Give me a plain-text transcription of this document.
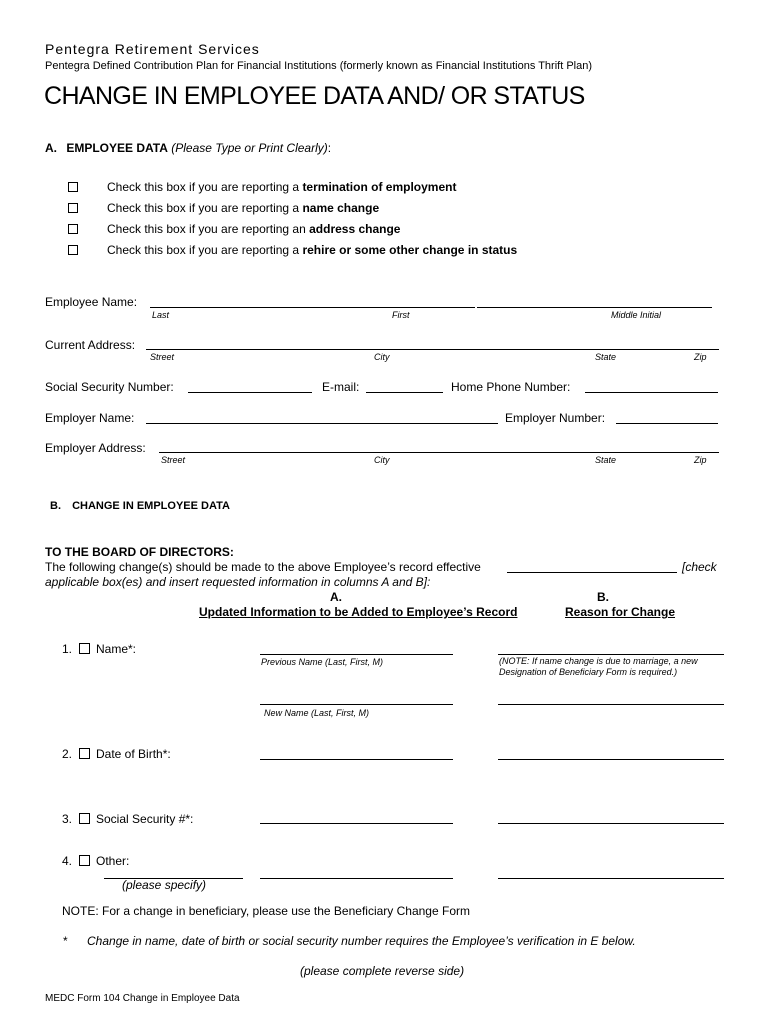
Pentegra Retirement Services
Pentegra Defined Contribution Plan for Financial Institutions (formerly known as Financial Institutions Thrift Plan)
CHANGE IN EMPLOYEE DATA AND/ OR STATUS
A. EMPLOYEE DATA (Please Type or Print Clearly):
Check this box if you are reporting a termination of employment
Check this box if you are reporting a name change
Check this box if you are reporting an address change
Check this box if you are reporting a rehire or some other change in status
Employee Name:
Last	First	Middle Initial
Current Address:
Street	City	State	Zip
Social Security Number:	E-mail:	Home Phone Number:
Employer Name:	Employer Number:
Employer Address:
Street	City	State	Zip
B. CHANGE IN EMPLOYEE DATA
TO THE BOARD OF DIRECTORS:
The following change(s) should be made to the above Employee’s record effective	[check
applicable box(es) and insert requested information in columns A and B]:
A.
Updated Information to be Added to Employee’s Record
B.
Reason for Change
1. Name*:
Previous Name (Last, First, M)	(NOTE: If name change is due to marriage, a new
Designation of Beneficiary Form is required.)
New Name (Last, First, M)
2. Date of Birth*:
3. Social Security #*:
4. Other:
(please specify)
NOTE: For a change in beneficiary, please use the Beneficiary Change Form
* Change in name, date of birth or social security number requires the Employee’s verification in E below.
(please complete reverse side)
MEDC Form 104 Change in Employee Data
